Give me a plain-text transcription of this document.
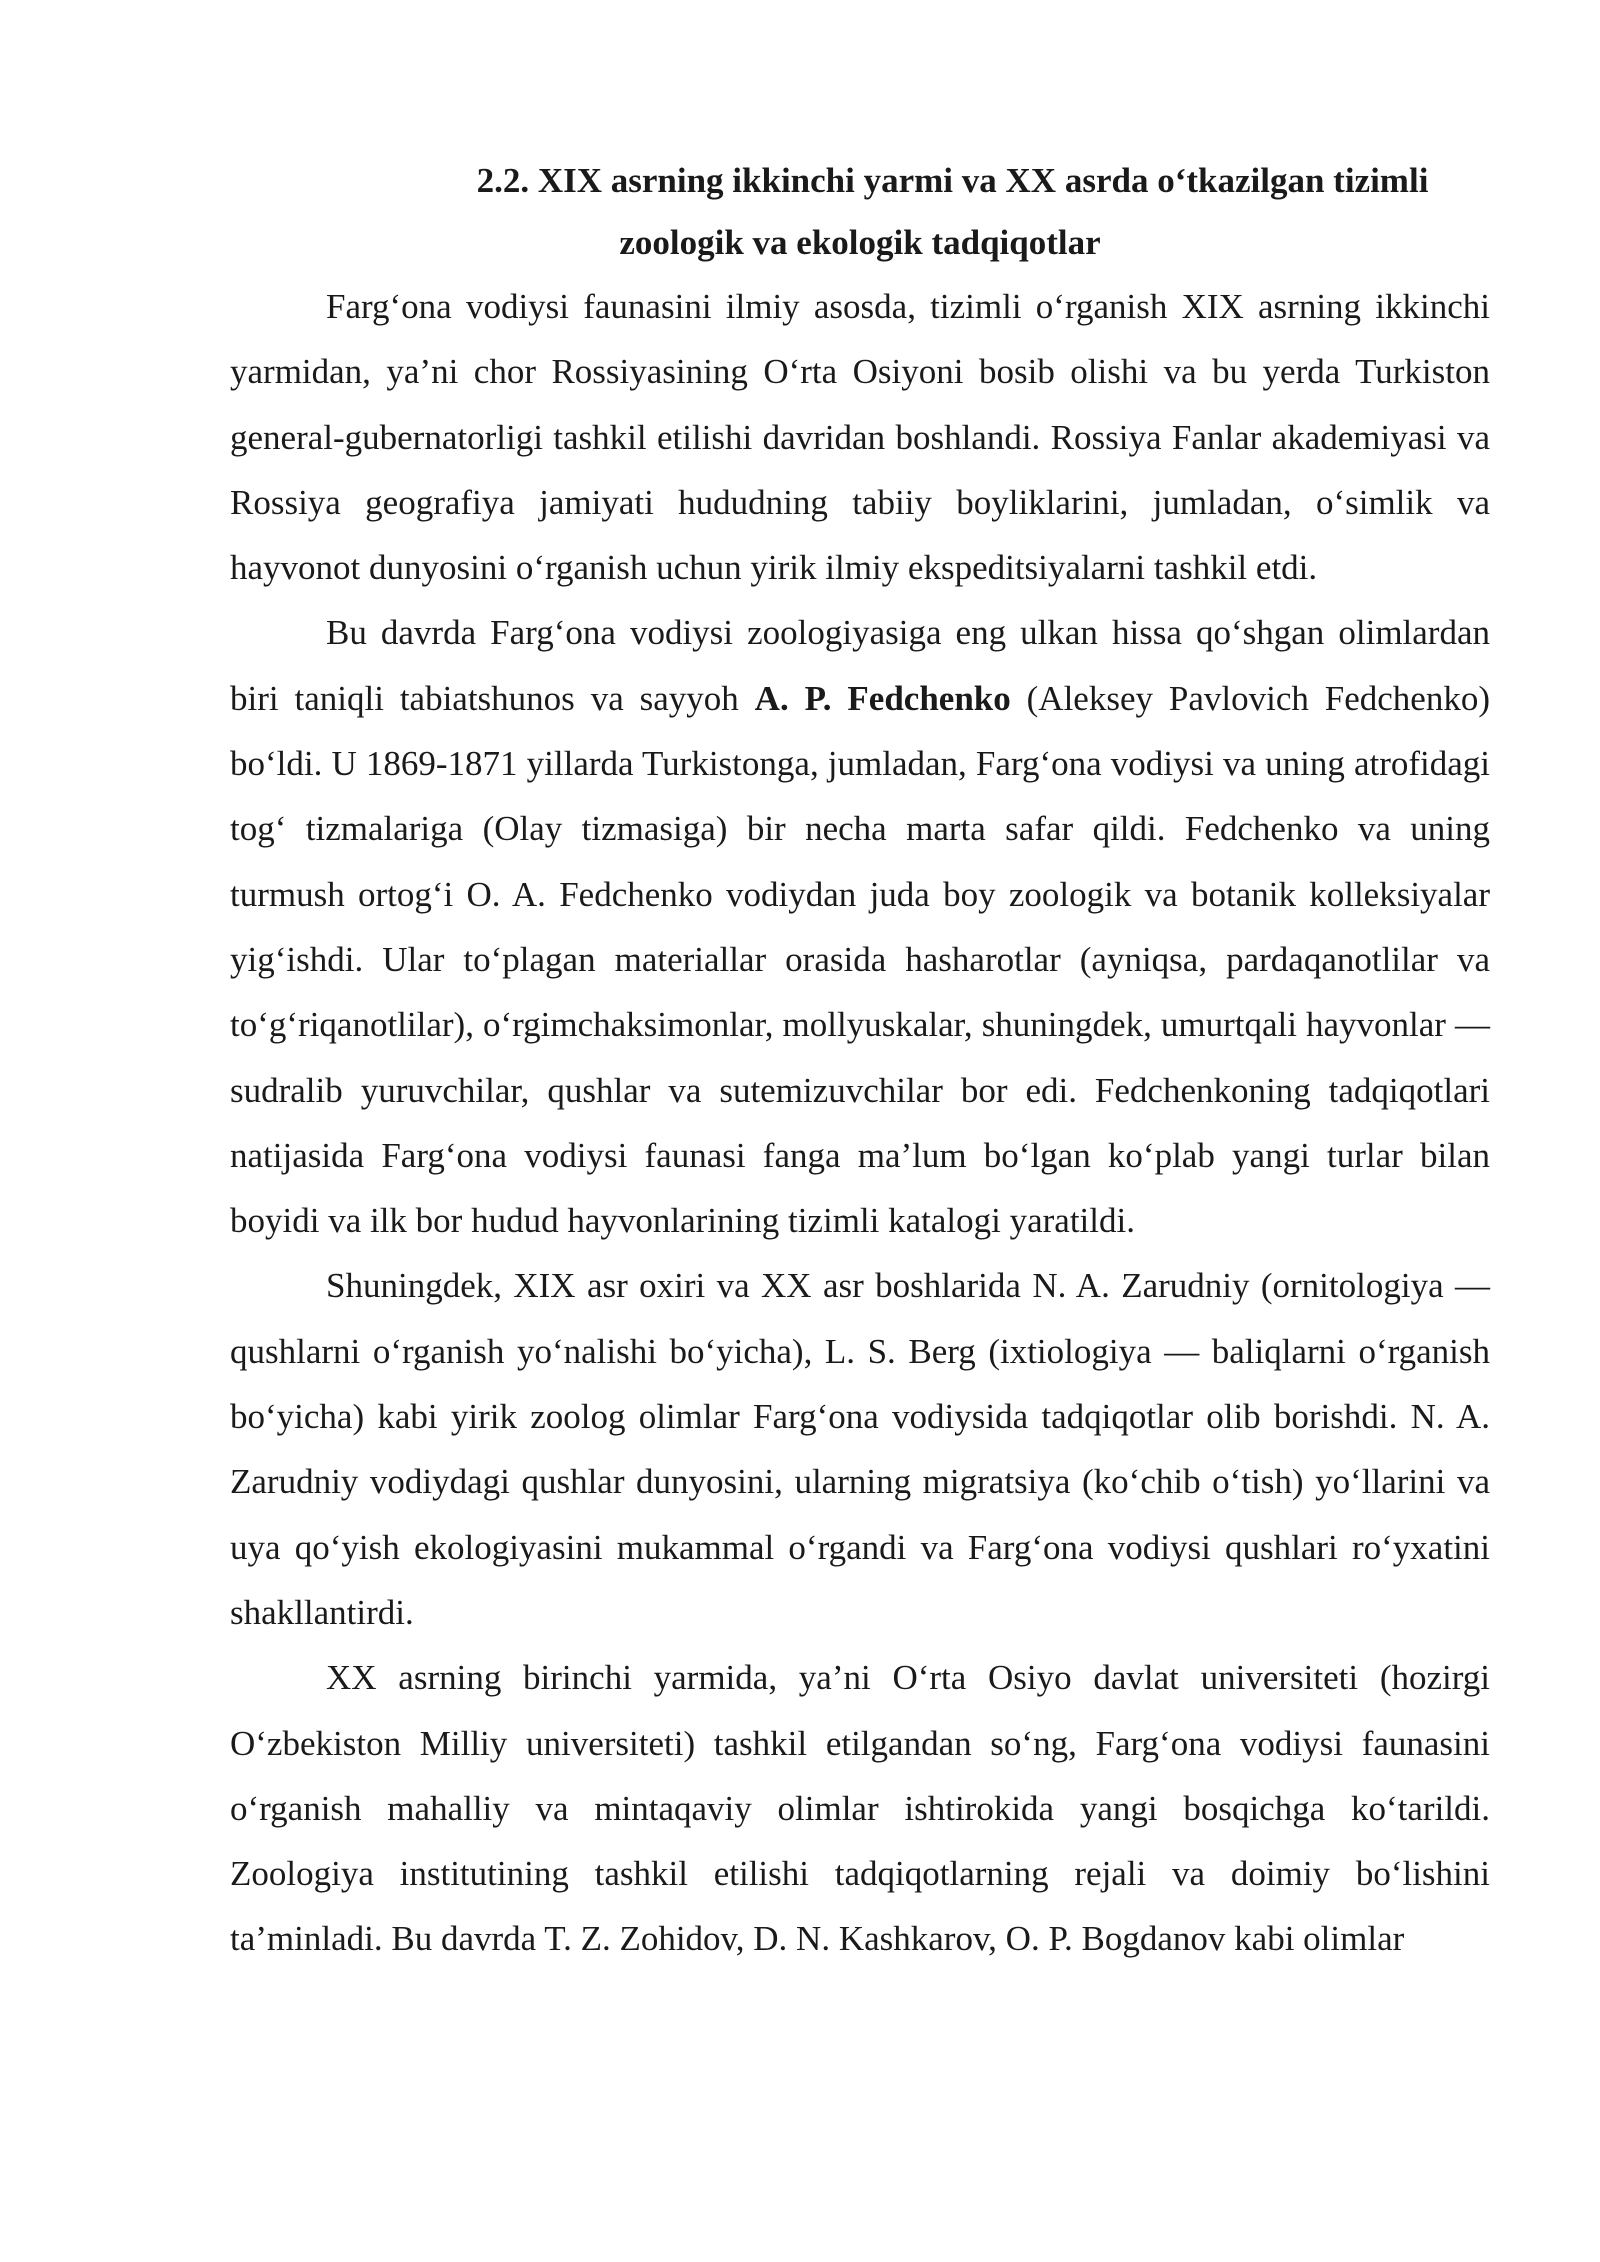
2.2. XIX asrning ikkinchi yarmi va XX asrda o‘tkazilgan tizimli
zoologik va ekologik tadqiqotlar

Farg‘ona vodiysi faunasini ilmiy asosda, tizimli o‘rganish XIX asrning ikkinchi yarmidan, ya’ni chor Rossiyasining O‘rta Osiyoni bosib olishi va bu yerda Turkiston general-gubernatorligi tashkil etilishi davridan boshlandi. Rossiya Fanlar akademiyasi va Rossiya geografiya jamiyati hududning tabiiy boyliklarini, jumladan, o‘simlik va hayvonot dunyosini o‘rganish uchun yirik ilmiy ekspeditsiyalarni tashkil etdi.

Bu davrda Farg‘ona vodiysi zoologiyasiga eng ulkan hissa qo‘shgan olimlardan biri taniqli tabiatshunos va sayyoh A. P. Fedchenko (Aleksey Pavlovich Fedchenko) bo‘ldi. U 1869-1871 yillarda Turkistonga, jumladan, Farg‘ona vodiysi va uning atrofidagi tog‘ tizmalariga (Olay tizmasiga) bir necha marta safar qildi. Fedchenko va uning turmush ortog‘i O. A. Fedchenko vodiydan juda boy zoologik va botanik kolleksiyalar yig‘ishdi. Ular to‘plagan materiallar orasida hasharotlar (ayniqsa, pardaqanotlilar va to‘g‘riqanotlilar), o‘rgimchaksimonlar, mollyuskalar, shuningdek, umurtqali hayvonlar — sudralib yuruvchilar, qushlar va sutemizuvchilar bor edi. Fedchenkoning tadqiqotlari natijasida Farg‘ona vodiysi faunasi fanga ma’lum bo‘lgan ko‘plab yangi turlar bilan boyidi va ilk bor hudud hayvonlarining tizimli katalogi yaratildi.

Shuningdek, XIX asr oxiri va XX asr boshlarida N. A. Zarudniy (ornitologiya — qushlarni o‘rganish yo‘nalishi bo‘yicha), L. S. Berg (ixtiologiya — baliqlarni o‘rganish bo‘yicha) kabi yirik zoolog olimlar Farg‘ona vodiysida tadqiqotlar olib borishdi. N. A. Zarudniy vodiydagi qushlar dunyosini, ularning migratsiya (ko‘chib o‘tish) yo‘llarini va uya qo‘yish ekologiyasini mukammal o‘rgandi va Farg‘ona vodiysi qushlari ro‘yxatini shakllantirdi.

XX asrning birinchi yarmida, ya’ni O‘rta Osiyo davlat universiteti (hozirgi O‘zbekiston Milliy universiteti) tashkil etilgandan so‘ng, Farg‘ona vodiysi faunasini o‘rganish mahalliy va mintaqaviy olimlar ishtirokida yangi bosqichga ko‘tarildi. Zoologiya institutining tashkil etilishi tadqiqotlarning rejali va doimiy bo‘lishini ta’minladi. Bu davrda T. Z. Zohidov, D. N. Kashkarov, O. P. Bogdanov kabi olimlar
